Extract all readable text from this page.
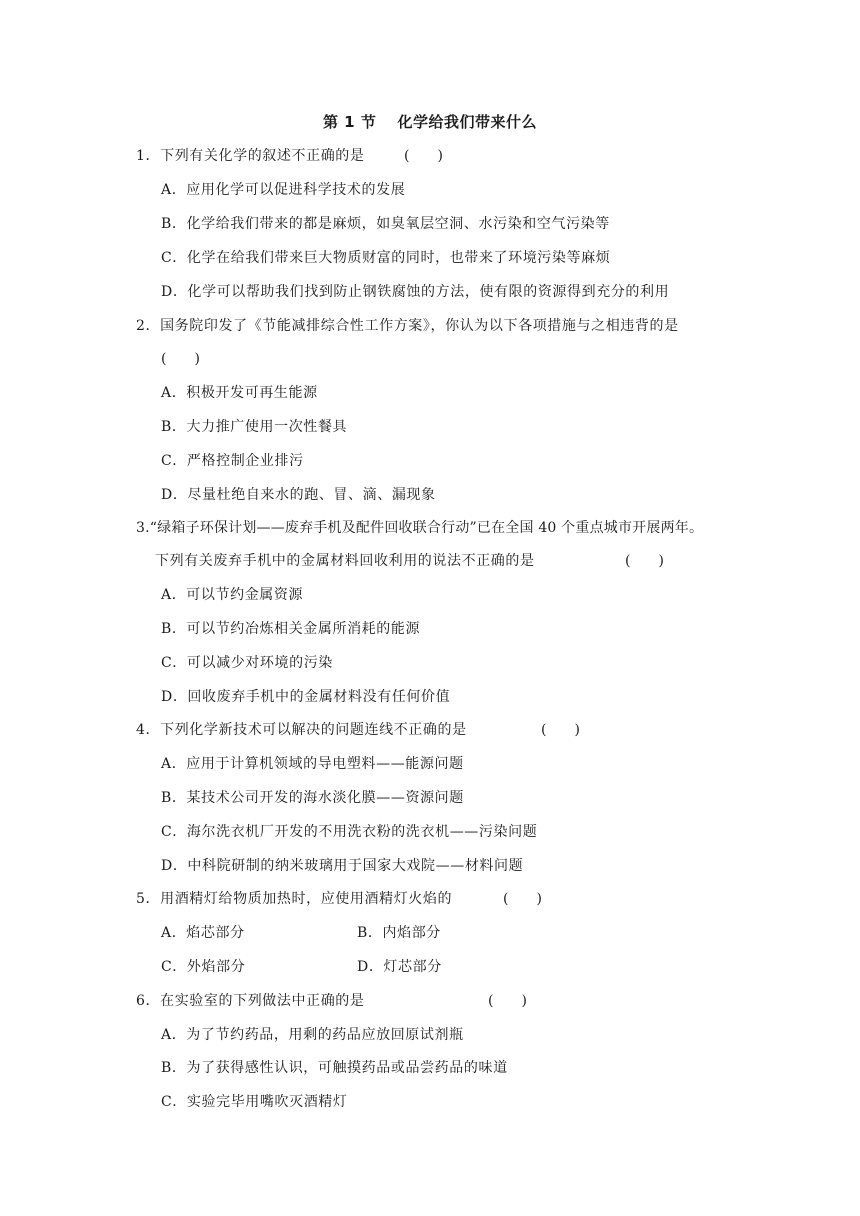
第 1 节　 化学给我们带来什么
1．下列有关化学的叙述不正确的是	(　　)
A．应用化学可以促进科学技术的发展
B．化学给我们带来的都是麻烦，如臭氧层空洞、水污染和空气污染等
C．化学在给我们带来巨大物质财富的同时，也带来了环境污染等麻烦
D．化学可以帮助我们找到防止钢铁腐蚀的方法，使有限的资源得到充分的利用
2．国务院印发了《节能减排综合性工作方案》，你认为以下各项措施与之相违背的是
(　　)
A．积极开发可再生能源
B．大力推广使用一次性餐具
C．严格控制企业排污
D．尽量杜绝自来水的跑、冒、滴、漏现象
3.“绿箱子环保计划——废弃手机及配件回收联合行动”已在全国 40 个重点城市开展两年。
下列有关废弃手机中的金属材料回收利用的说法不正确的是	(　　)
A．可以节约金属资源
B．可以节约冶炼相关金属所消耗的能源
C．可以减少对环境的污染
D．回收废弃手机中的金属材料没有任何价值
4．下列化学新技术可以解决的问题连线不正确的是	(　　)
A．应用于计算机领域的导电塑料——能源问题
B．某技术公司开发的海水淡化膜——资源问题
C．海尔洗衣机厂开发的不用洗衣粉的洗衣机——污染问题
D．中科院研制的纳米玻璃用于国家大戏院——材料问题
5．用酒精灯给物质加热时，应使用酒精灯火焰的	(　　)
A．焰芯部分	B．内焰部分
C．外焰部分	D．灯芯部分
6．在实验室的下列做法中正确的是	(　　)
A．为了节约药品，用剩的药品应放回原试剂瓶
B．为了获得感性认识，可触摸药品或品尝药品的味道
C．实验完毕用嘴吹灭酒精灯
